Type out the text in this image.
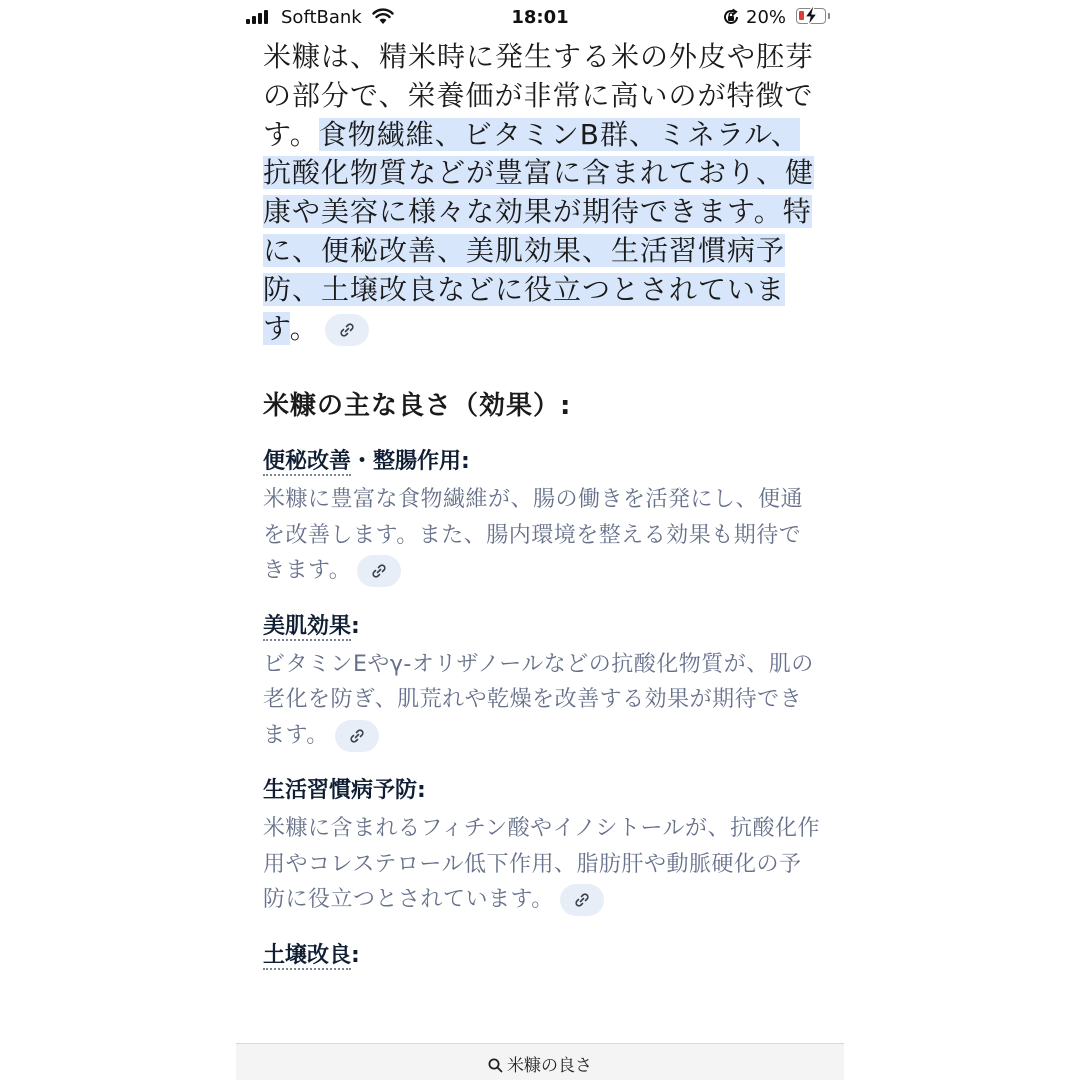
SoftBank	18:01	20%

米糠は、精米時に発生する米の外皮や胚芽の部分で、栄養価が非常に高いのが特徴です。食物繊維、ビタミンB群、ミネラル、抗酸化物質などが豊富に含まれており、健康や美容に様々な効果が期待できます。特に、便秘改善、美肌効果、生活習慣病予防、土壌改良などに役立つとされています。

米糠の主な良さ（効果）:
便秘改善・整腸作用:

米糠に豊富な食物繊維が、腸の働きを活発にし、便通を改善します。また、腸内環境を整える効果も期待できます。

美肌効果:

ビタミンEやγ-オリザノールなどの抗酸化物質が、肌の老化を防ぎ、肌荒れや乾燥を改善する効果が期待できます。

生活習慣病予防:

米糠に含まれるフィチン酸やイノシトールが、抗酸化作用やコレステロール低下作用、脂肪肝や動脈硬化の予防に役立つとされています。

土壌改良:
米糠の良さ
